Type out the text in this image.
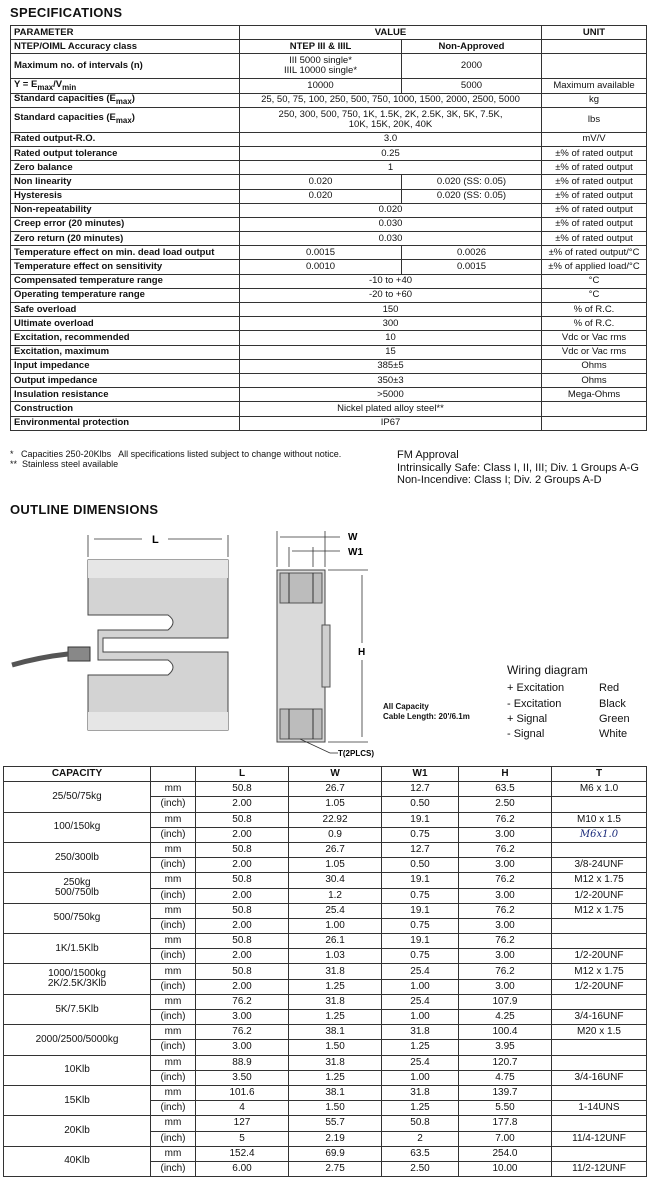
SPECIFICATIONS
PARAMETER	VALUE		UNIT
NTEP/OIML Accuracy class	NTEP III & IIIL	Non-Approved	
Maximum no. of intervals (n)	III 5000 single*
IIIL 10000 single*	2000	
$Y = E_{max}/V_{min}$	10000	5000	Maximum available
Standard capacities $(E_{max})$	25, 50, 75, 100, 250, 500, 750, 1000, 1500, 2000, 2500, 5000		kg
Standard capacities $(E_{max})$	250, 300, 500, 750, 1K, 1.5K, 2K, 2.5K, 3K, 5K, 7.5K,
10K, 15K, 20K, 40K		lbs
Rated output-R.O.	3.0		mV/V
Rated output tolerance	0.25		±% of rated output
Zero balance	1		±% of rated output
Non linearity	0.020	0.020 (SS: 0.05)	±% of rated output
Hysteresis	0.020	0.020 (SS: 0.05)	±% of rated output
Non-repeatability	0.020		±% of rated output
Creep error (20 minutes)	0.030		±% of rated output
Zero return (20 minutes)	0.030		±% of rated output
Temperature effect on min. dead load output	0.0015	0.0026	±% of rated output/°C
Temperature effect on sensitivity	0.0010	0.0015	±% of applied load/°C
Compensated temperature range	-10 to +40		°C
Operating temperature range	-20 to +60		°C
Safe overload	150		% of R.C.
Ultimate overload	300		% of R.C.
Excitation, recommended	10		Vdc or Vac rms
Excitation, maximum	15		Vdc or Vac rms
Input impedance	385±5		Ohms
Output impedance	350±3		Ohms
Insulation resistance	>5000		Mega-Ohms
Construction	Nickel plated alloy steel**		
Environmental protection	IP67		
* Capacities 250-20Klbs All specifications listed subject to change without notice.
** Stainless steel available
FM Approval
Intrinsically Safe: Class I, II, III; Div. 1 Groups A-G
Non-Incendive: Class I; Div. 2 Groups A-D
OUTLINE DIMENSIONS
L	W
W1
H
T(2PLCS)
All Capacity
Cable Length: 20'/6.1m
Wiring diagram
+ Excitation	Red
- Excitation	Black
+ Signal	Green
- Signal	White
CAPACITY		L	W	W1	H	T

25/50/75kg	mm	50.8	26.7	12.7	63.5	M6 x 1.0
	(inch)	2.00	1.05	0.50	2.50	

100/150kg	mm	50.8	22.92	19.1	76.2	M10 x 1.5
	(inch)	2.00	0.9	0.75	3.00	M6x1.0

250/300lb	mm	50.8	26.7	12.7	76.2	
	(inch)	2.00	1.05	0.50	3.00	3/8-24UNF

250kg
500/750lb	mm	50.8	30.4	19.1	76.2	M12 x 1.75
	(inch)	2.00	1.2	0.75	3.00	1/2-20UNF

500/750kg	mm	50.8	25.4	19.1	76.2	M12 x 1.75
	(inch)	2.00	1.00	0.75	3.00	

1K/1.5Klb	mm	50.8	26.1	19.1	76.2	
	(inch)	2.00	1.03	0.75	3.00	1/2-20UNF

1000/1500kg
2K/2.5K/3Klb	mm	50.8	31.8	25.4	76.2	M12 x 1.75
	(inch)	2.00	1.25	1.00	3.00	1/2-20UNF

5K/7.5Klb	mm	76.2	31.8	25.4	107.9	
	(inch)	3.00	1.25	1.00	4.25	3/4-16UNF

2000/2500/5000kg	mm	76.2	38.1	31.8	100.4	M20 x 1.5
	(inch)	3.00	1.50	1.25	3.95	

10Klb	mm	88.9	31.8	25.4	120.7	
	(inch)	3.50	1.25	1.00	4.75	3/4-16UNF

15Klb	mm	101.6	38.1	31.8	139.7	
	(inch)	4	1.50	1.25	5.50	1-14UNS

20Klb	mm	127	55.7	50.8	177.8	
	(inch)	5	2.19	2	7.00	11/4-12UNF

40Klb	mm	152.4	69.9	63.5	254.0	
	(inch)	6.00	2.75	2.50	10.00	11/2-12UNF
